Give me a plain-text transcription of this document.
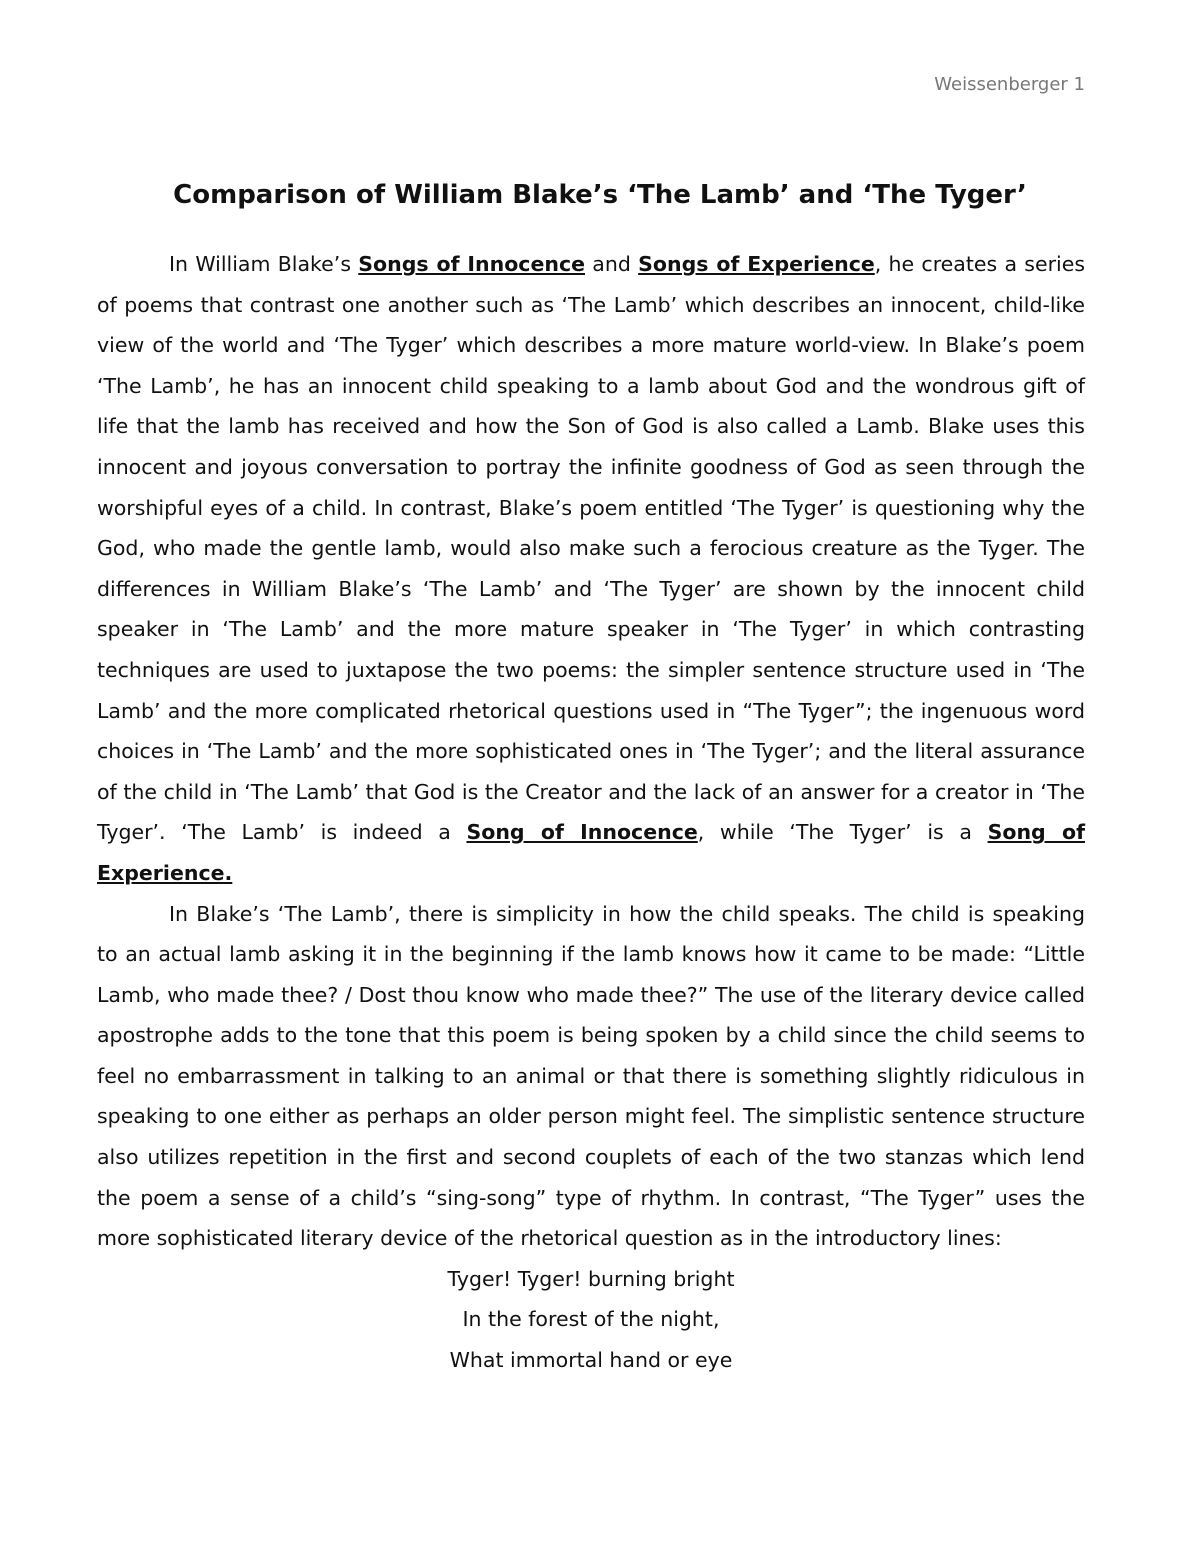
Weissenberger 1
Comparison of William Blake’s ‘The Lamb’ and ‘The Tyger’

In William Blake’s Songs of Innocence and Songs of Experience, he creates a series of poems that contrast one another such as ‘The Lamb’ which describes an innocent, child-like view of the world and ‘The Tyger’ which describes a more mature world-view. In Blake’s poem ‘The Lamb’, he has an innocent child speaking to a lamb about God and the wondrous gift of life that the lamb has received and how the Son of God is also called a Lamb. Blake uses this innocent and joyous conversation to portray the infinite goodness of God as seen through the worshipful eyes of a child. In contrast, Blake’s poem entitled ‘The Tyger’ is questioning why the God, who made the gentle lamb, would also make such a ferocious creature as the Tyger. The differences in William Blake’s ‘The Lamb’ and ‘The Tyger’ are shown by the innocent child speaker in ‘The Lamb’ and the more mature speaker in ‘The Tyger’ in which contrasting techniques are used to juxtapose the two poems: the simpler sentence structure used in ‘The Lamb’ and the more complicated rhetorical questions used in “The Tyger”; the ingenuous word choices in ‘The Lamb’ and the more sophisticated ones in ‘The Tyger’; and the literal assurance of the child in ‘The Lamb’ that God is the Creator and the lack of an answer for a creator in ‘The Tyger’. ‘The Lamb’ is indeed a Song of Innocence, while ‘The Tyger’ is a Song of Experience.

In Blake’s ‘The Lamb’, there is simplicity in how the child speaks. The child is speaking to an actual lamb asking it in the beginning if the lamb knows how it came to be made: “Little Lamb, who made thee? / Dost thou know who made thee?” The use of the literary device called apostrophe adds to the tone that this poem is being spoken by a child since the child seems to feel no embarrassment in talking to an animal or that there is something slightly ridiculous in speaking to one either as perhaps an older person might feel. The simplistic sentence structure also utilizes repetition in the first and second couplets of each of the two stanzas which lend the poem a sense of a child’s “sing-song” type of rhythm. In contrast, “The Tyger” uses the more sophisticated literary device of the rhetorical question as in the introductory lines:

Tyger! Tyger! burning bright

In the forest of the night,

What immortal hand or eye
